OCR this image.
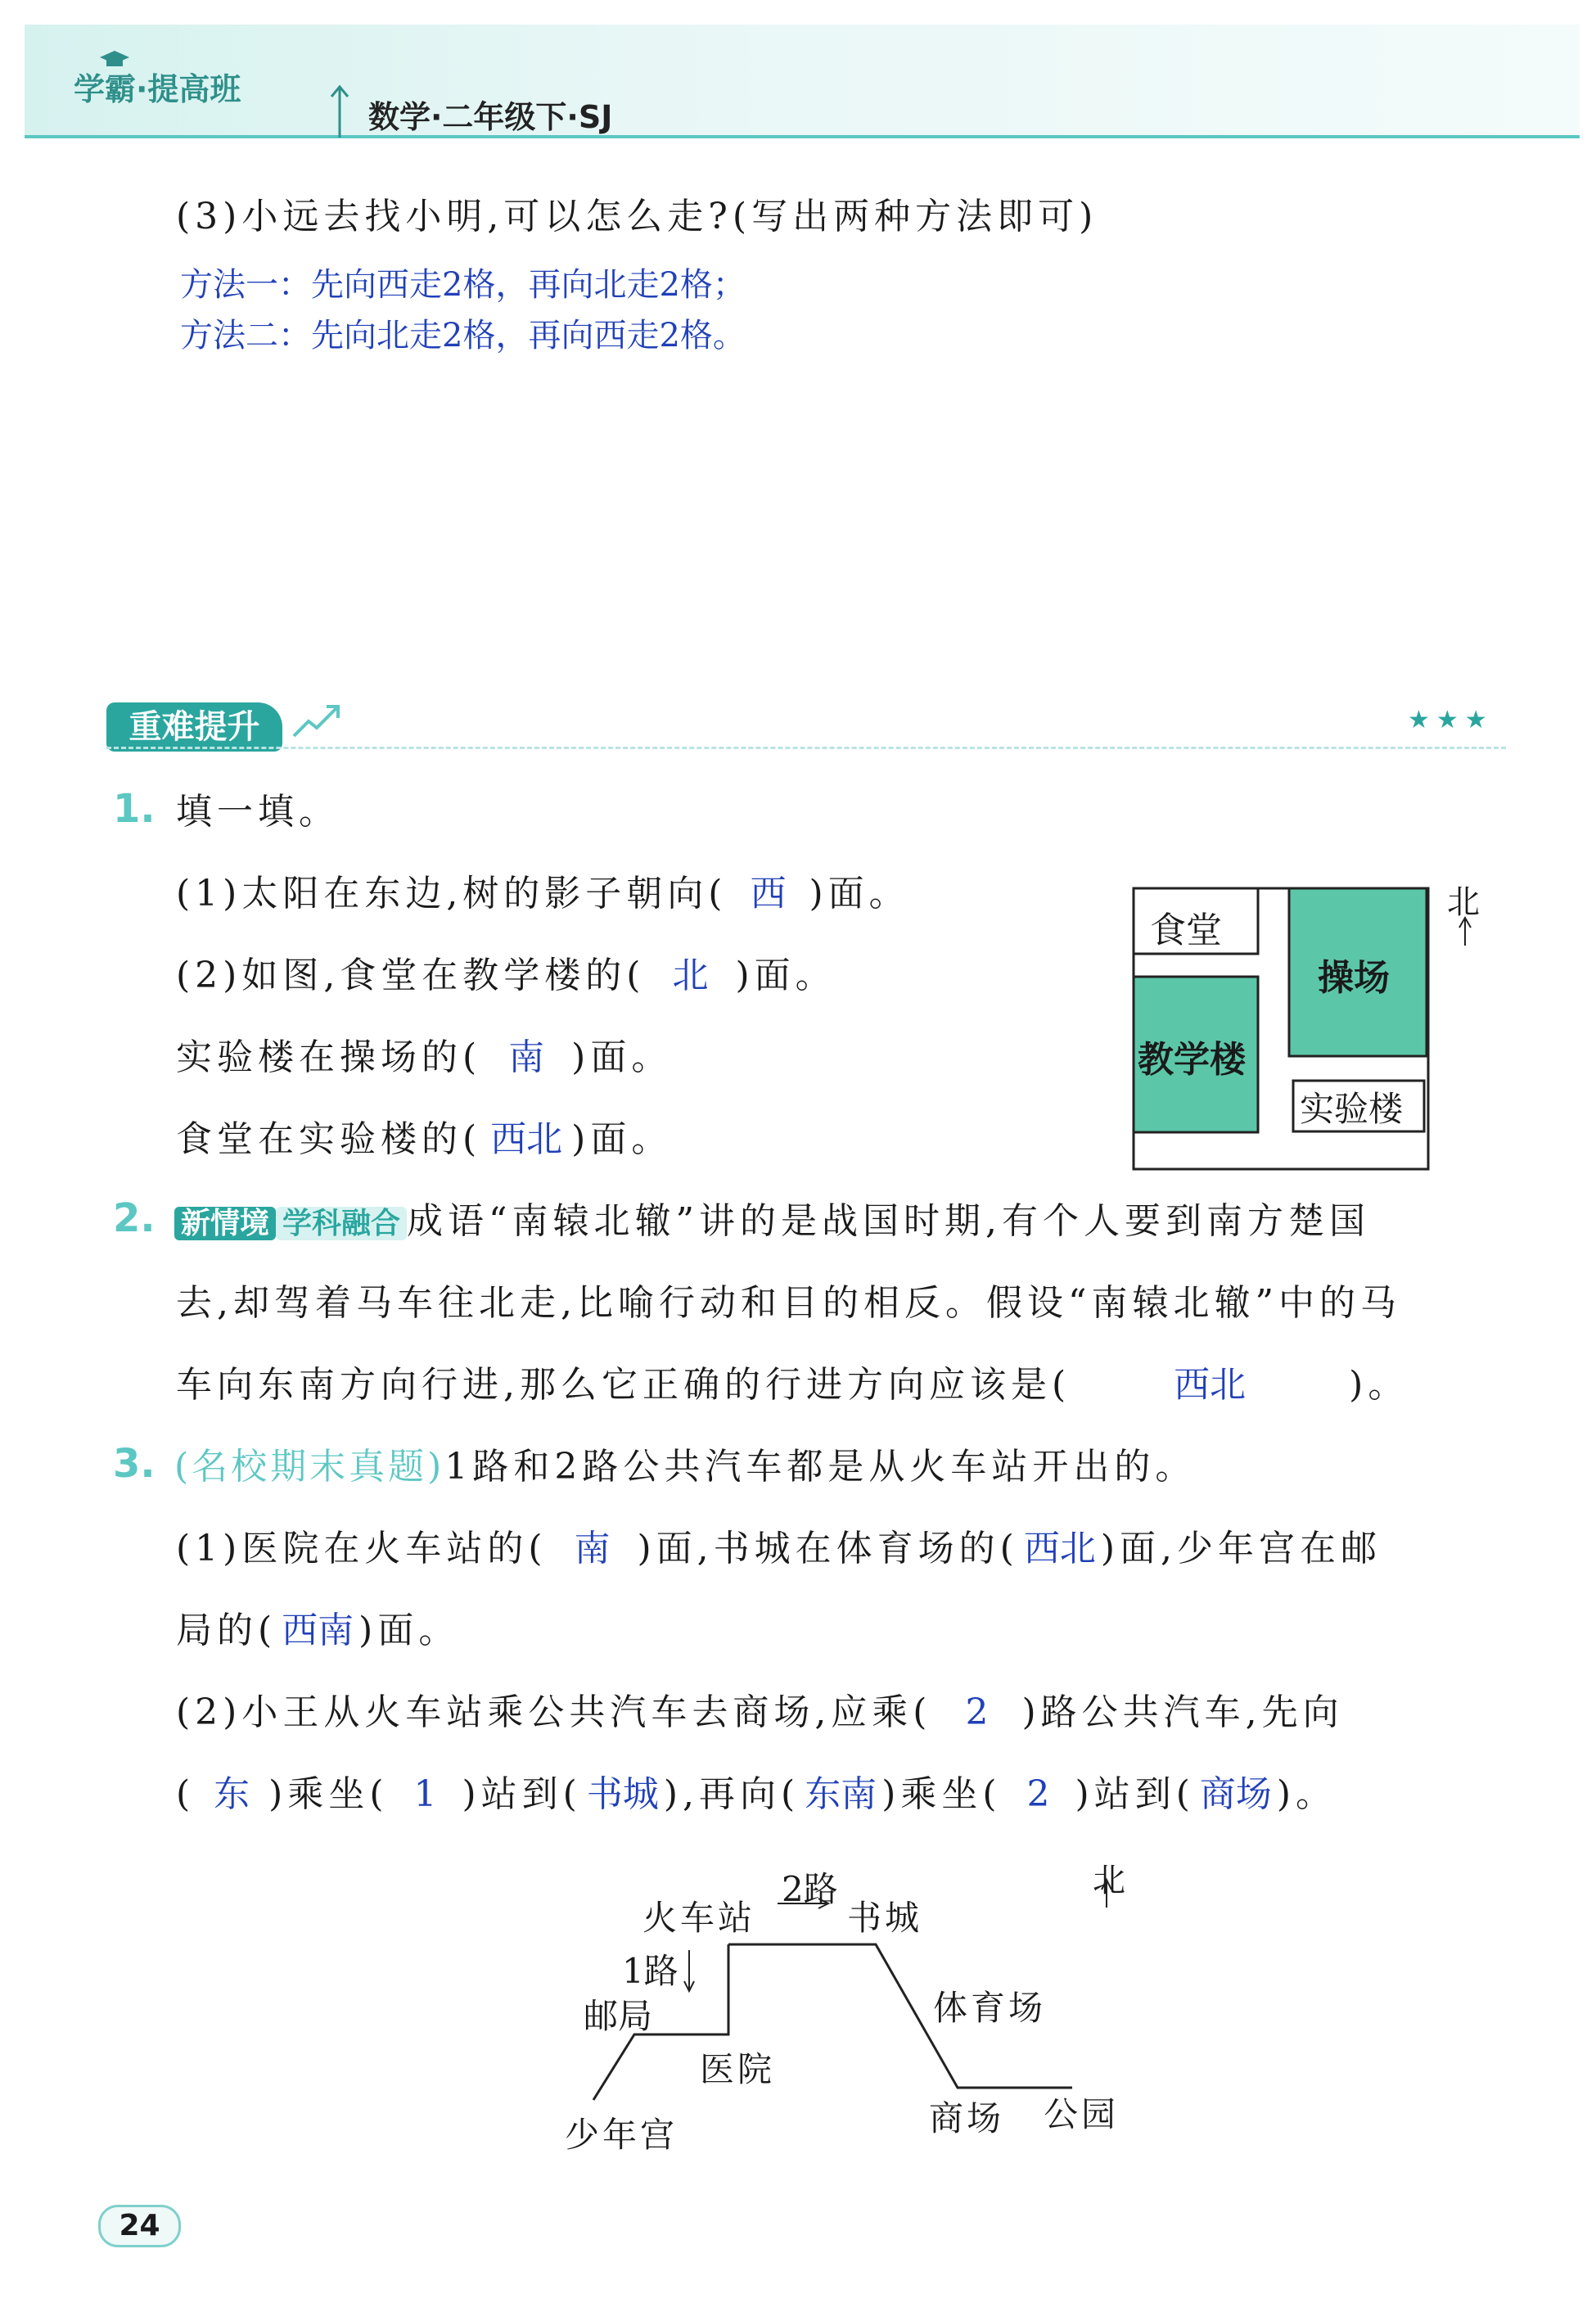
学霸·提高班
数学·二年级下·SJ
(3)小远去找小明,可以怎么走?(写出两种方法即可)
方法一：先向西走2格，再向北走2格；
方法二：先向北走2格，再向西走2格。
重难提升	★★★
1. 填一填。
(1)太阳在东边,树的影子朝向( 西 )面。
(2)如图,食堂在教学楼的( 北 )面。
实验楼在操场的( 南 )面。
食堂在实验楼的( 西北 )面。
食堂
操场
教学楼
实验楼
北
2. 新情境 学科融合 成语“南辕北辙”讲的是战国时期,有个人要到南方楚国
去,却驾着马车往北走,比喻行动和目的相反。假设“南辕北辙”中的马
车向东南方向行进,那么它正确的行进方向应该是(	西北	)。
3. (名校期末真题)1路和2路公共汽车都是从火车站开出的。
(1)医院在火车站的( 南 )面,书城在体育场的( 西北 )面,少年宫在邮
局的( 西南 )面。
(2)小王从火车站乘公共汽车去商场,应乘( 2 )路公共汽车,先向
( 东 )乘坐( 1 )站到( 书城 ),再向( 东南 )乘坐( 2 )站到( 商场 )。
火车站
2路
书城
1路
邮局
医院
少年宫
体育场
商场 公园
北
24
